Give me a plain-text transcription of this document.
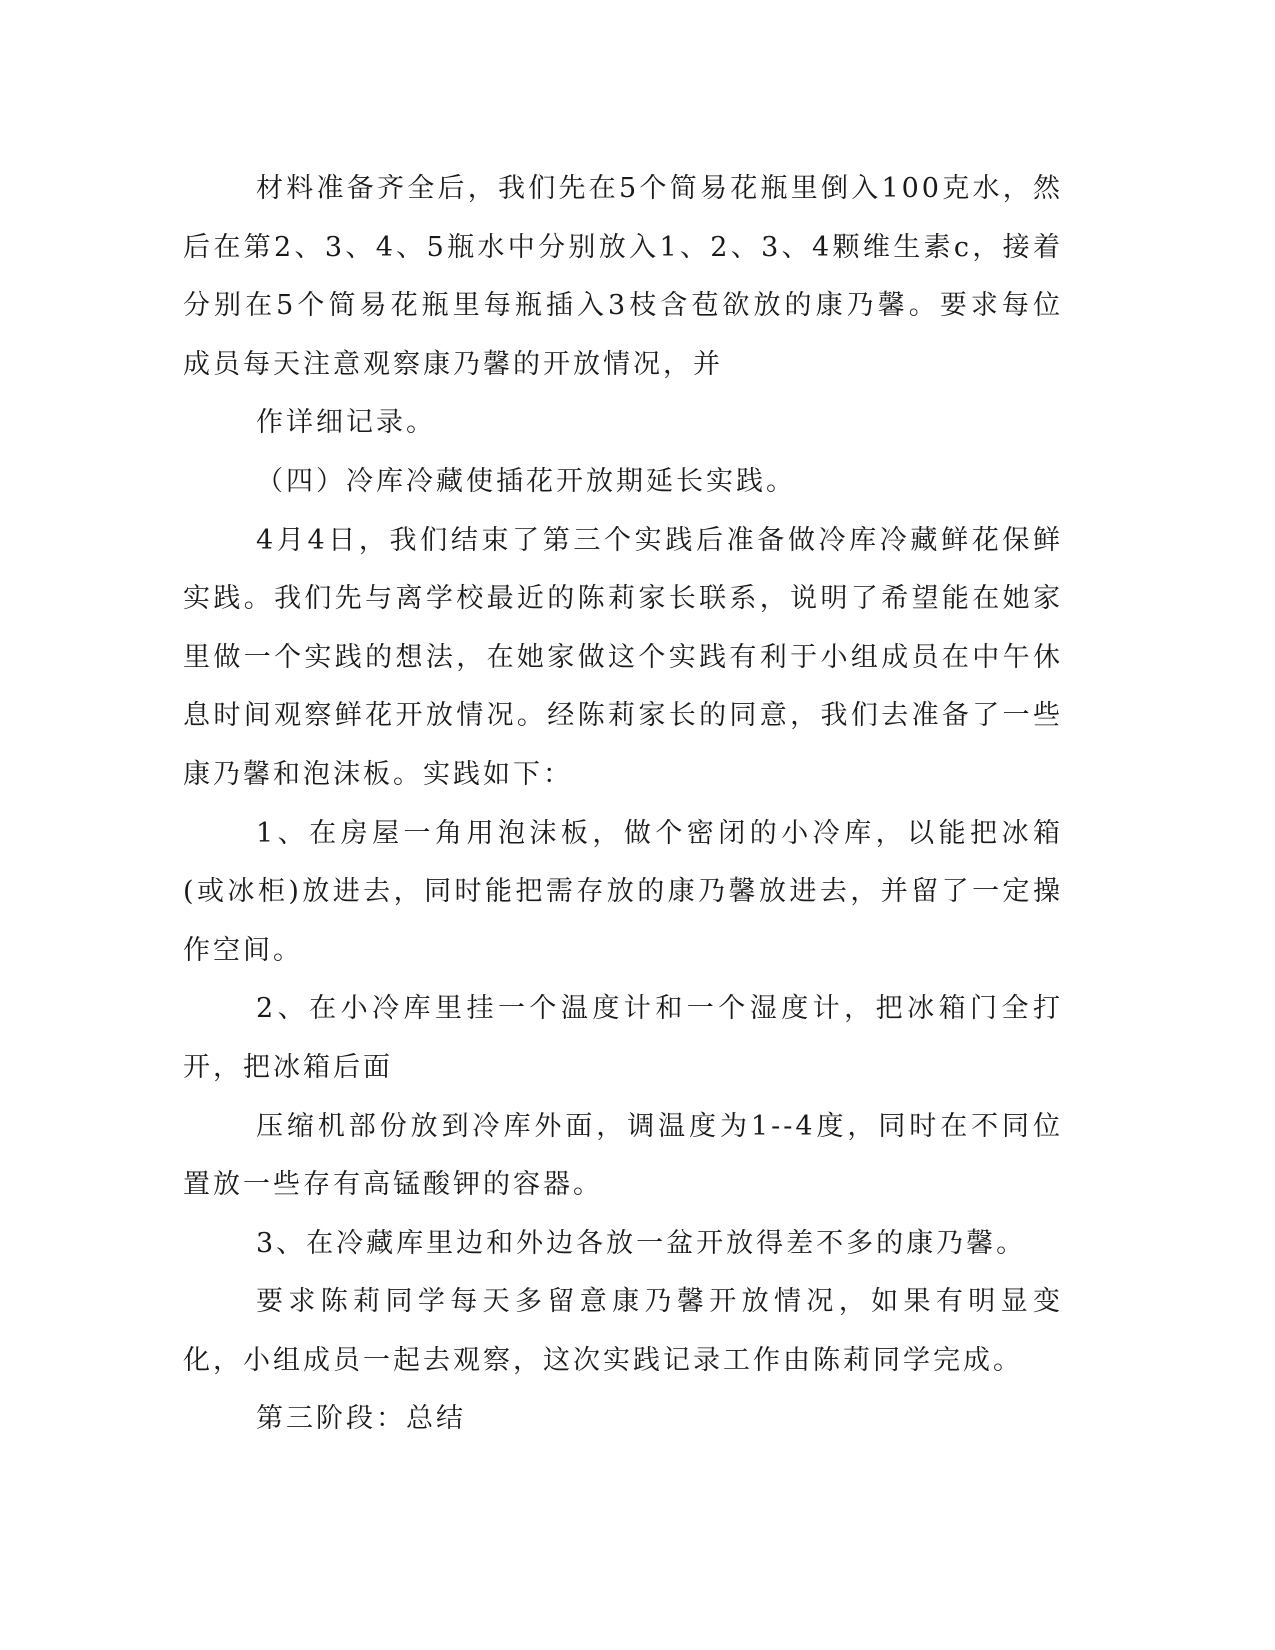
材料准备齐全后，我们先在5个简易花瓶里倒入100克水，然后在第2、3、4、5瓶水中分别放入1、2、3、4颗维生素c，接着分别在5个简易花瓶里每瓶插入3枝含苞欲放的康乃馨。要求每位成员每天注意观察康乃馨的开放情况，并

作详细记录。

（四）冷库冷藏使插花开放期延长实践。

4月4日，我们结束了第三个实践后准备做冷库冷藏鲜花保鲜实践。我们先与离学校最近的陈莉家长联系，说明了希望能在她家里做一个实践的想法，在她家做这个实践有利于小组成员在中午休息时间观察鲜花开放情况。经陈莉家长的同意，我们去准备了一些康乃馨和泡沫板。实践如下：

1、在房屋一角用泡沫板，做个密闭的小冷库，以能把冰箱(或冰柜)放进去，同时能把需存放的康乃馨放进去，并留了一定操作空间。

2、在小冷库里挂一个温度计和一个湿度计，把冰箱门全打开，把冰箱后面

压缩机部份放到冷库外面，调温度为1--4度，同时在不同位置放一些存有高锰酸钾的容器。

3、在冷藏库里边和外边各放一盆开放得差不多的康乃馨。

要求陈莉同学每天多留意康乃馨开放情况，如果有明显变化，小组成员一起去观察，这次实践记录工作由陈莉同学完成。

第三阶段：总结
